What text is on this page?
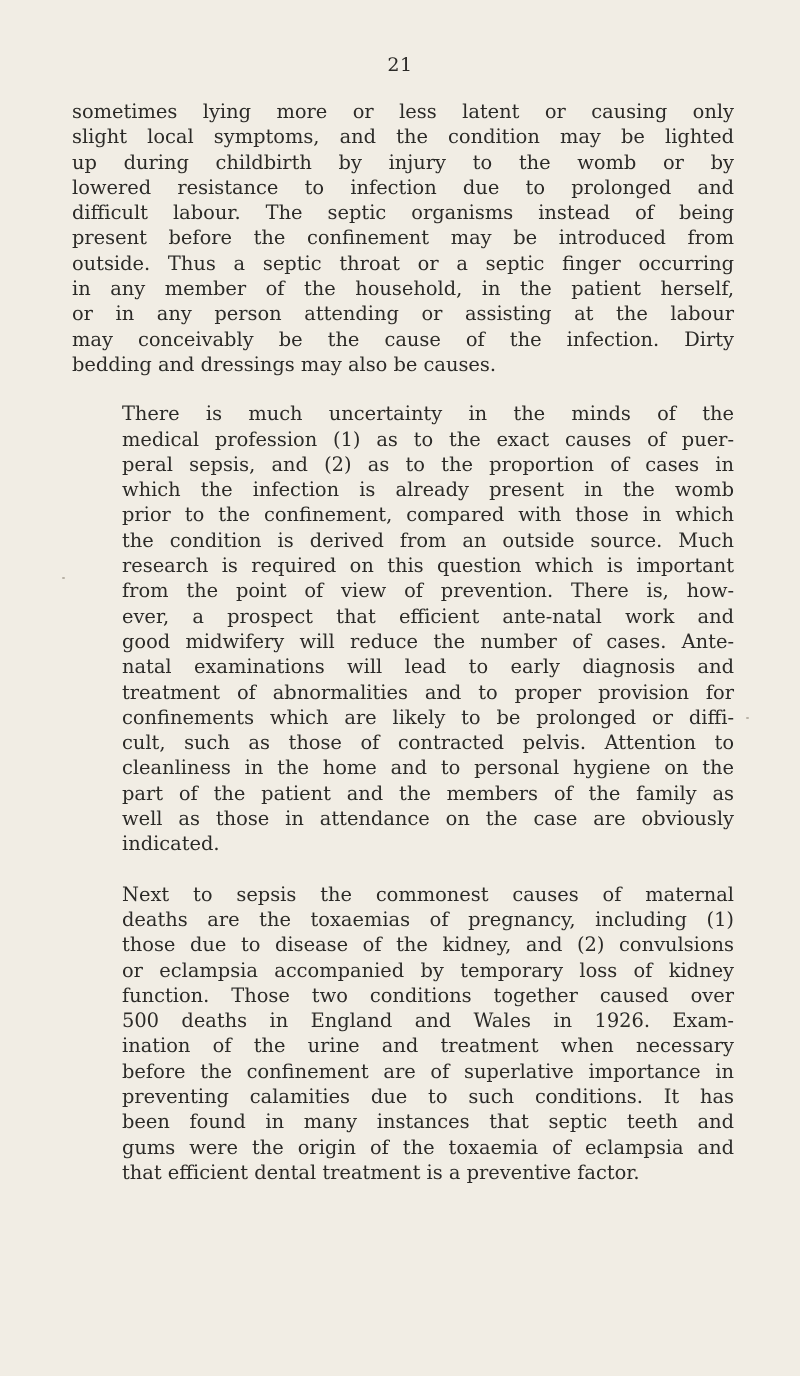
21

sometimes lying more or less latent or causing only
slight local symptoms, and the condition may be lighted
up during childbirth by injury to the womb or by
lowered resistance to infection due to prolonged and
difficult labour. The septic organisms instead of being
present before the confinement may be introduced from
outside. Thus a septic throat or a septic finger occurring
in any member of the household, in the patient herself,
or in any person attending or assisting at the labour
may conceivably be the cause of the infection. Dirty
bedding and dressings may also be causes.

There is much uncertainty in the minds of the
medical profession (1) as to the exact causes of puer-
peral sepsis, and (2) as to the proportion of cases in
which the infection is already present in the womb
prior to the confinement, compared with those in which
the condition is derived from an outside source. Much
research is required on this question which is important
from the point of view of prevention. There is, how-
ever, a prospect that efficient ante-natal work and
good midwifery will reduce the number of cases. Ante-
natal examinations will lead to early diagnosis and
treatment of abnormalities and to proper provision for
confinements which are likely to be prolonged or diffi-
cult, such as those of contracted pelvis. Attention to
cleanliness in the home and to personal hygiene on the
part of the patient and the members of the family as
well as those in attendance on the case are obviously
indicated.

Next to sepsis the commonest causes of maternal
deaths are the toxaemias of pregnancy, including (1)
those due to disease of the kidney, and (2) convulsions
or eclampsia accompanied by temporary loss of kidney
function. Those two conditions together caused over
500 deaths in England and Wales in 1926. Exam-
ination of the urine and treatment when necessary
before the confinement are of superlative importance in
preventing calamities due to such conditions. It has
been found in many instances that septic teeth and
gums were the origin of the toxaemia of eclampsia and
that efficient dental treatment is a preventive factor.
